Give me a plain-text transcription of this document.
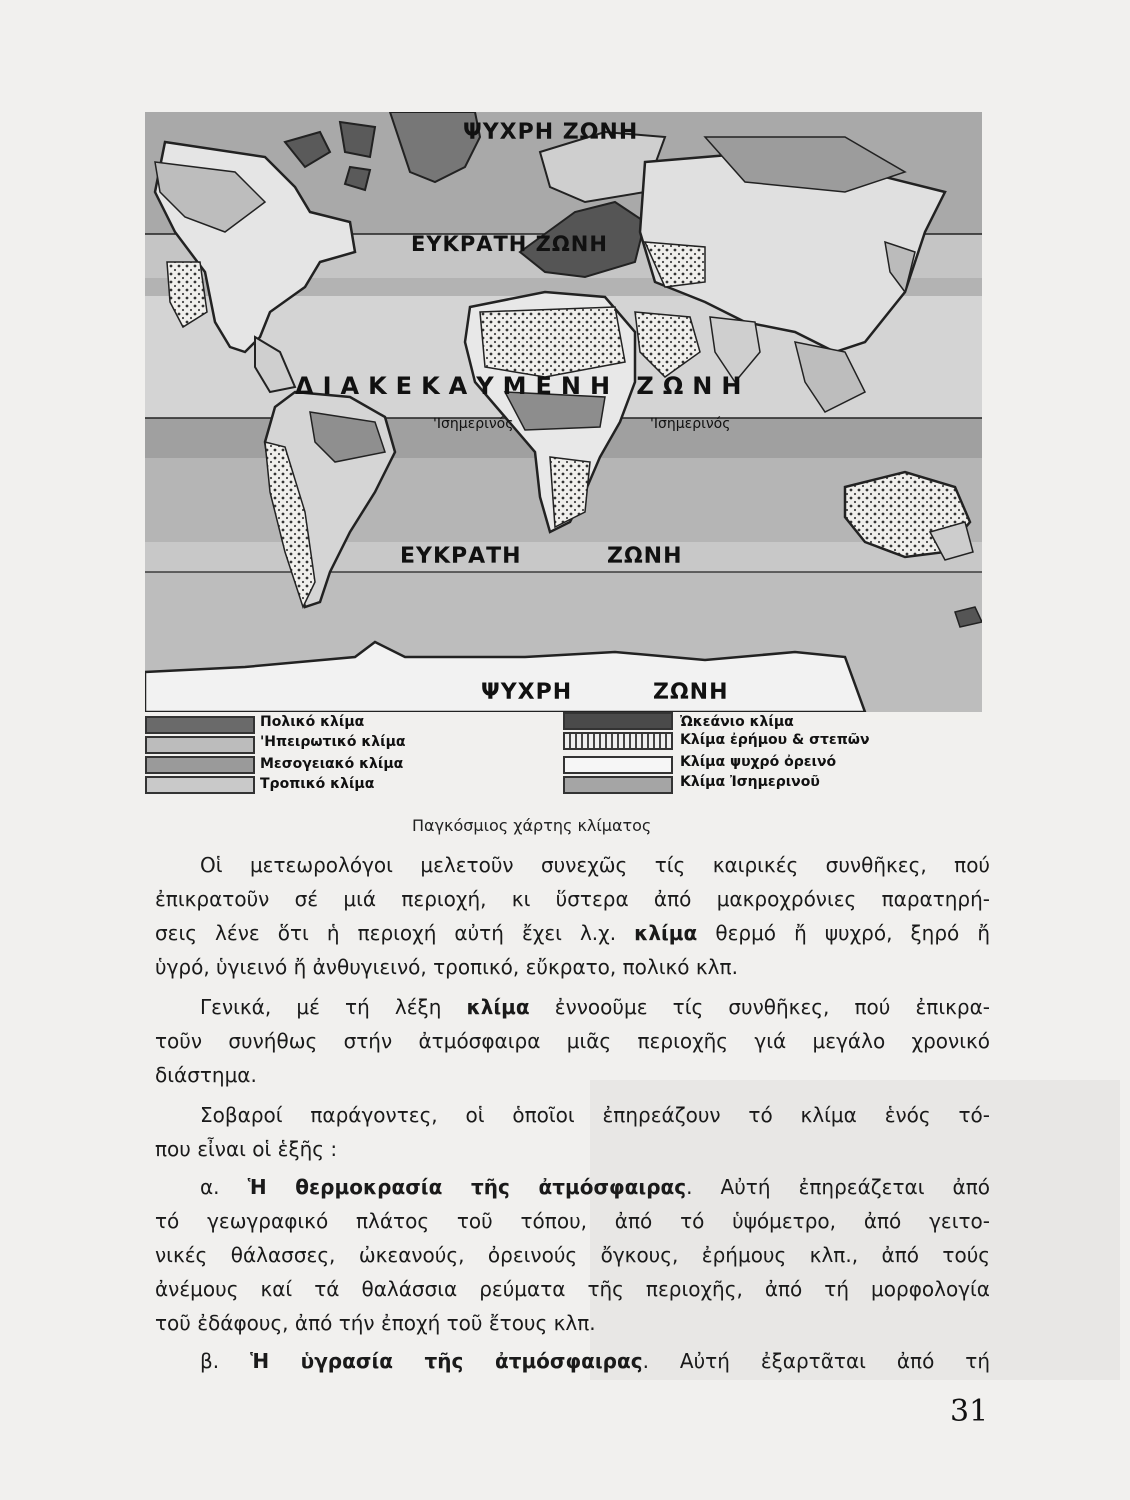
ΨΥΧΡΗ ΖΩΝΗ
ΕΥΚΡΑΤΗ ΖΩΝΗ
ΔΙΑΚΕΚΑΥΜΕΝΗ ΖΩΝΗ
'Ισημερινός	'Ισημερινός
ΕΥΚΡΑΤΗ	ΖΩΝΗ
ΨΥΧΡΗ	ΖΩΝΗ
Πολικό κλίμα
'Ηπειρωτικό κλίμα
Μεσογειακό κλίμα
Τροπικό κλίμα
Ὠκεάνιο κλίμα
Κλίμα ἐρήμου & στεπῶν
Κλίμα ψυχρό ὀρεινό
Κλίμα Ἰσημερινοῦ
Παγκόσμιος χάρτης κλίματος
Οἱ μετεωρολόγοι μελετοῦν συνεχῶς τίς καιρικές συνθῆκες, πού
ἐπικρατοῦν σέ μιά περιοχή, κι ὕστερα ἀπό μακροχρόνιες παρατηρή-
σεις λένε ὅτι ἡ περιοχή αὐτή ἔχει λ.χ. κλίμα θερμό ἤ ψυχρό, ξηρό ἤ
ὑγρό, ὑγιεινό ἤ ἀνθυγιεινό, τροπικό, εὔκρατο, πολικό κλπ.
Γενικά, μέ τή λέξη κλίμα ἐννοοῦμε τίς συνθῆκες, πού ἐπικρα-
τοῦν συνήθως στήν ἀτμόσφαιρα μιᾶς περιοχῆς γιά μεγάλο χρονικό
διάστημα.
Σοβαροί παράγοντες, οἱ ὁποῖοι ἐπηρεάζουν τό κλίμα ἑνός τό-
που εἶναι οἱ ἑξῆς :
α. Ἡ θερμοκρασία τῆς ἀτμόσφαιρας. Αὐτή ἐπηρεάζεται ἀπό
τό γεωγραφικό πλάτος τοῦ τόπου, ἀπό τό ὑψόμετρο, ἀπό γειτο-
νικές θάλασσες, ὠκεανούς, ὀρεινούς ὄγκους, ἐρήμους κλπ., ἀπό τούς
ἀνέμους καί τά θαλάσσια ρεύματα τῆς περιοχῆς, ἀπό τή μορφολογία
τοῦ ἐδάφους, ἀπό τήν ἐποχή τοῦ ἔτους κλπ.
β. Ἡ ὑγρασία τῆς ἀτμόσφαιρας. Αὐτή ἐξαρτᾶται ἀπό τή
31
